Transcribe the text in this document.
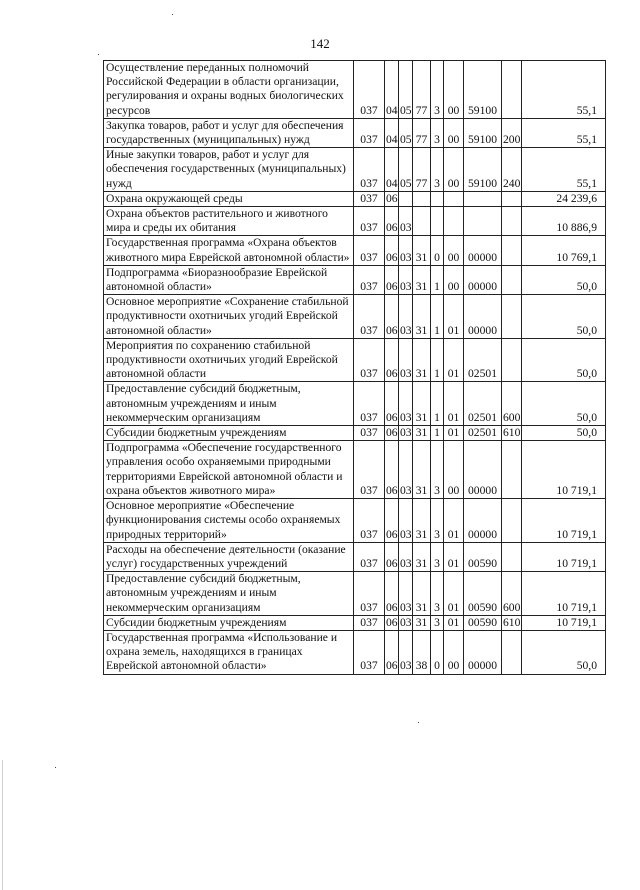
142
Осуществление переданных полномочий Российской Федерации в области организации, регулирования и охраны водных биологических ресурсов	037	04	05	77	3	00	59100		55,1
Закупка товаров, работ и услуг для обеспечения государственных (муниципальных) нужд	037	04	05	77	3	00	59100	200	55,1
Иные закупки товаров, работ и услуг для обеспечения государственных (муниципальных) нужд	037	04	05	77	3	00	59100	240	55,1
Охрана окружающей среды	037	06							24 239,6
Охрана объектов растительного и животного мира и среды их обитания	037	06	03						10 886,9
Государственная программа «Охрана объектов животного мира Еврейской автономной области»	037	06	03	31	0	00	00000		10 769,1
Подпрограмма «Биоразнообразие Еврейской автономной области»	037	06	03	31	1	00	00000		50,0
Основное мероприятие «Сохранение стабильной продуктивности охотничьих угодий Еврейской автономной области»	037	06	03	31	1	01	00000		50,0
Мероприятия по сохранению стабильной продуктивности охотничьих угодий Еврейской автономной области	037	06	03	31	1	01	02501		50,0
Предоставление субсидий бюджетным, автономным учреждениям и иным некоммерческим организациям	037	06	03	31	1	01	02501	600	50,0
Субсидии бюджетным учреждениям	037	06	03	31	1	01	02501	610	50,0
Подпрограмма «Обеспечение государственного управления особо охраняемыми природными территориями Еврейской автономной области и охрана объектов животного мира»	037	06	03	31	3	00	00000		10 719,1
Основное мероприятие «Обеспечение функционирования системы особо охраняемых природных территорий»	037	06	03	31	3	01	00000		10 719,1
Расходы на обеспечение деятельности (оказание услуг) государственных учреждений	037	06	03	31	3	01	00590		10 719,1
Предоставление субсидий бюджетным, автономным учреждениям и иным некоммерческим организациям	037	06	03	31	3	01	00590	600	10 719,1
Субсидии бюджетным учреждениям	037	06	03	31	3	01	00590	610	10 719,1
Государственная программа «Использование и охрана земель, находящихся в границах Еврейской автономной области»	037	06	03	38	0	00	00000		50,0
